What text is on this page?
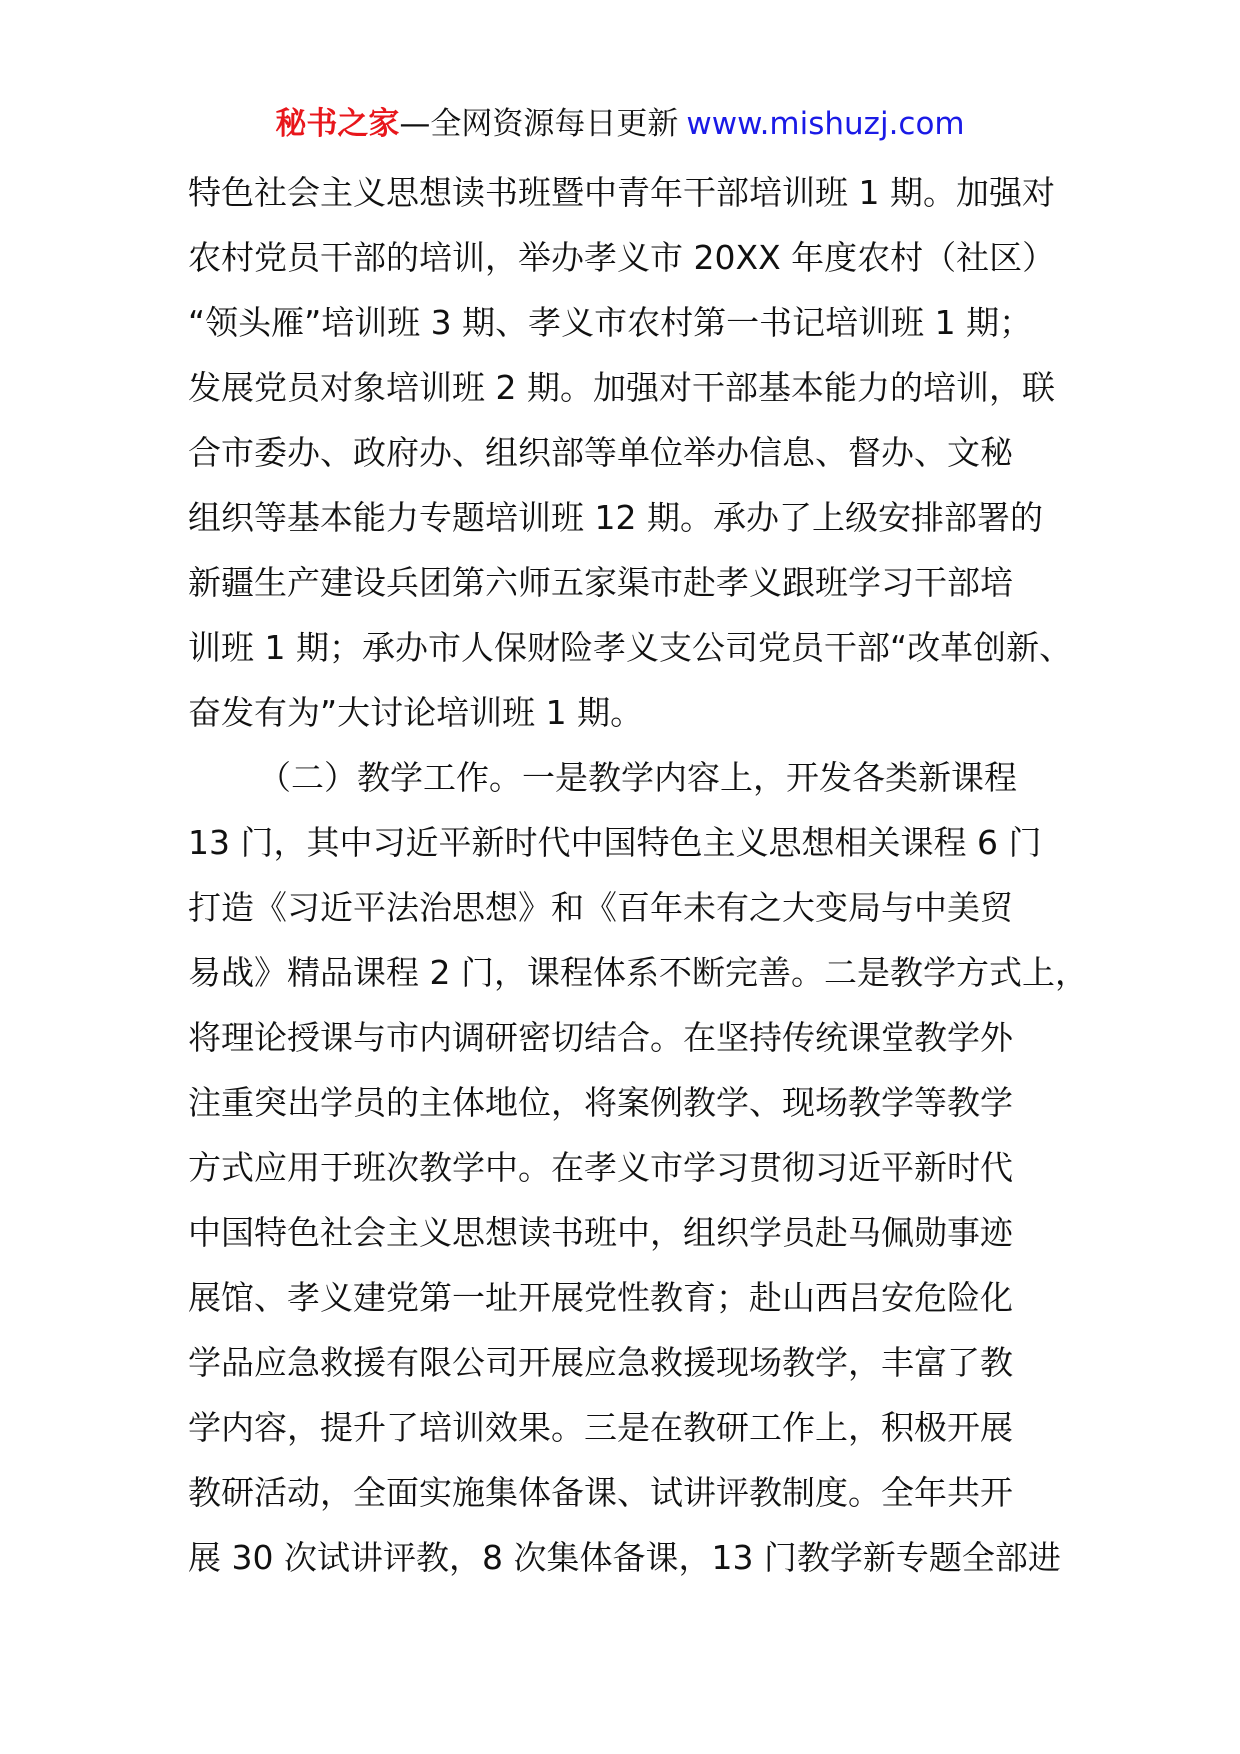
秘书之家—全网资源每日更新 www.mishuzj.com
特色社会主义思想读书班暨中青年干部培训班 1 期。加强对
农村党员干部的培训，举办孝义市 20XX 年度农村（社区）
“领头雁”培训班 3 期、孝义市农村第一书记培训班 1 期；
发展党员对象培训班 2 期。加强对干部基本能力的培训，联
合市委办、政府办、组织部等单位举办信息、督办、文秘
组织等基本能力专题培训班 12 期。承办了上级安排部署的
新疆生产建设兵团第六师五家渠市赴孝义跟班学习干部培
训班 1 期；承办市人保财险孝义支公司党员干部“改革创新、
奋发有为”大讨论培训班 1 期。
（二）教学工作。一是教学内容上，开发各类新课程
13 门，其中习近平新时代中国特色主义思想相关课程 6 门
打造《习近平法治思想》和《百年未有之大变局与中美贸
易战》精品课程 2 门，课程体系不断完善。二是教学方式上，
将理论授课与市内调研密切结合。在坚持传统课堂教学外
注重突出学员的主体地位，将案例教学、现场教学等教学
方式应用于班次教学中。在孝义市学习贯彻习近平新时代
中国特色社会主义思想读书班中，组织学员赴马佩勋事迹
展馆、孝义建党第一址开展党性教育；赴山西吕安危险化
学品应急救援有限公司开展应急救援现场教学，丰富了教
学内容，提升了培训效果。三是在教研工作上，积极开展
教研活动，全面实施集体备课、试讲评教制度。全年共开
展 30 次试讲评教，8 次集体备课，13 门教学新专题全部进
